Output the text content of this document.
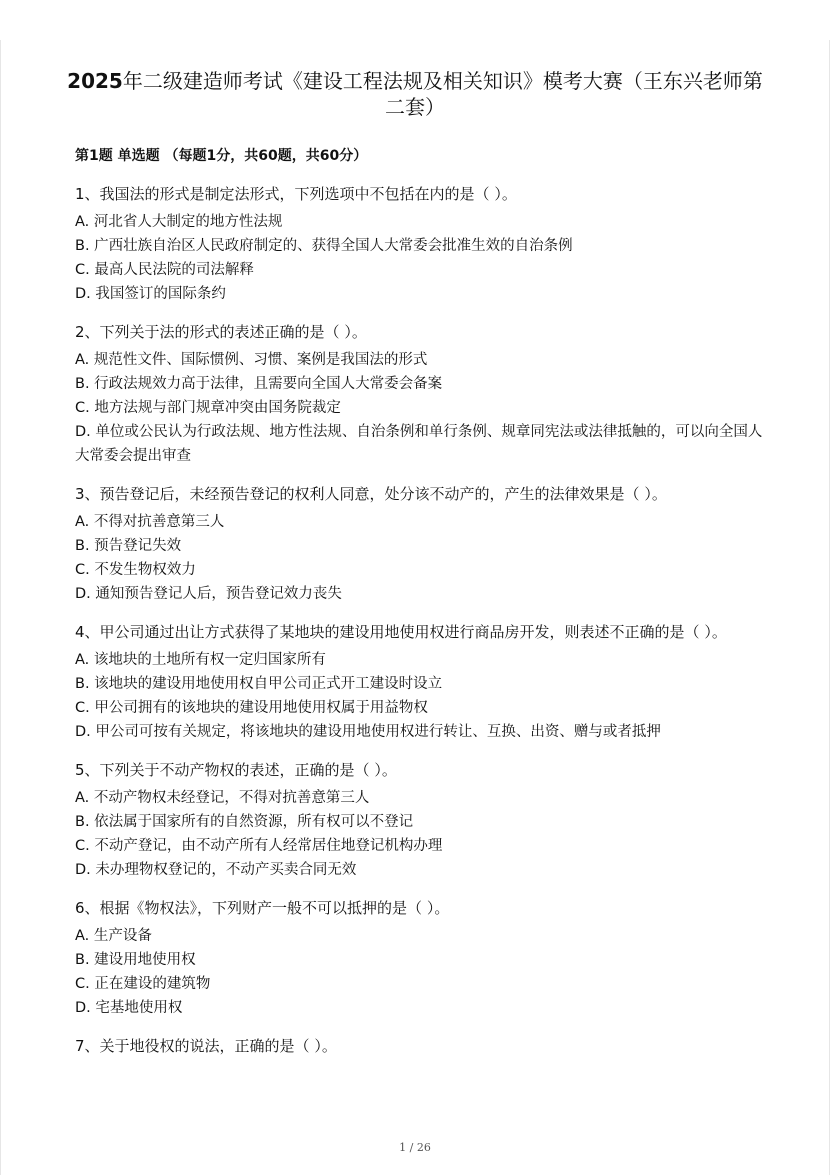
2025年二级建造师考试《建设工程法规及相关知识》模考大赛（王东兴老师第二套）
第1题 单选题 （每题1分，共60题，共60分）
1、我国法的形式是制定法形式，下列选项中不包括在内的是（ ）。
A. 河北省人大制定的地方性法规
B. 广西壮族自治区人民政府制定的、获得全国人大常委会批准生效的自治条例
C. 最高人民法院的司法解释
D. 我国签订的国际条约
2、下列关于法的形式的表述正确的是（ ）。
A. 规范性文件、国际惯例、习惯、案例是我国法的形式
B. 行政法规效力高于法律，且需要向全国人大常委会备案
C. 地方法规与部门规章冲突由国务院裁定
D. 单位或公民认为行政法规、地方性法规、自治条例和单行条例、规章同宪法或法律抵触的，可以向全国人大常委会提出审查
3、预告登记后，未经预告登记的权利人同意，处分该不动产的，产生的法律效果是（ ）。
A. 不得对抗善意第三人
B. 预告登记失效
C. 不发生物权效力
D. 通知预告登记人后，预告登记效力丧失
4、甲公司通过出让方式获得了某地块的建设用地使用权进行商品房开发，则表述不正确的是（ ）。
A. 该地块的土地所有权一定归国家所有
B. 该地块的建设用地使用权自甲公司正式开工建设时设立
C. 甲公司拥有的该地块的建设用地使用权属于用益物权
D. 甲公司可按有关规定，将该地块的建设用地使用权进行转让、互换、出资、赠与或者抵押
5、下列关于不动产物权的表述，正确的是（ ）。
A. 不动产物权未经登记，不得对抗善意第三人
B. 依法属于国家所有的自然资源，所有权可以不登记
C. 不动产登记，由不动产所有人经常居住地登记机构办理
D. 未办理物权登记的，不动产买卖合同无效
6、根据《物权法》，下列财产一般不可以抵押的是（ ）。
A. 生产设备
B. 建设用地使用权
C. 正在建设的建筑物
D. 宅基地使用权
7、关于地役权的说法，正确的是（ ）。
1 / 26
